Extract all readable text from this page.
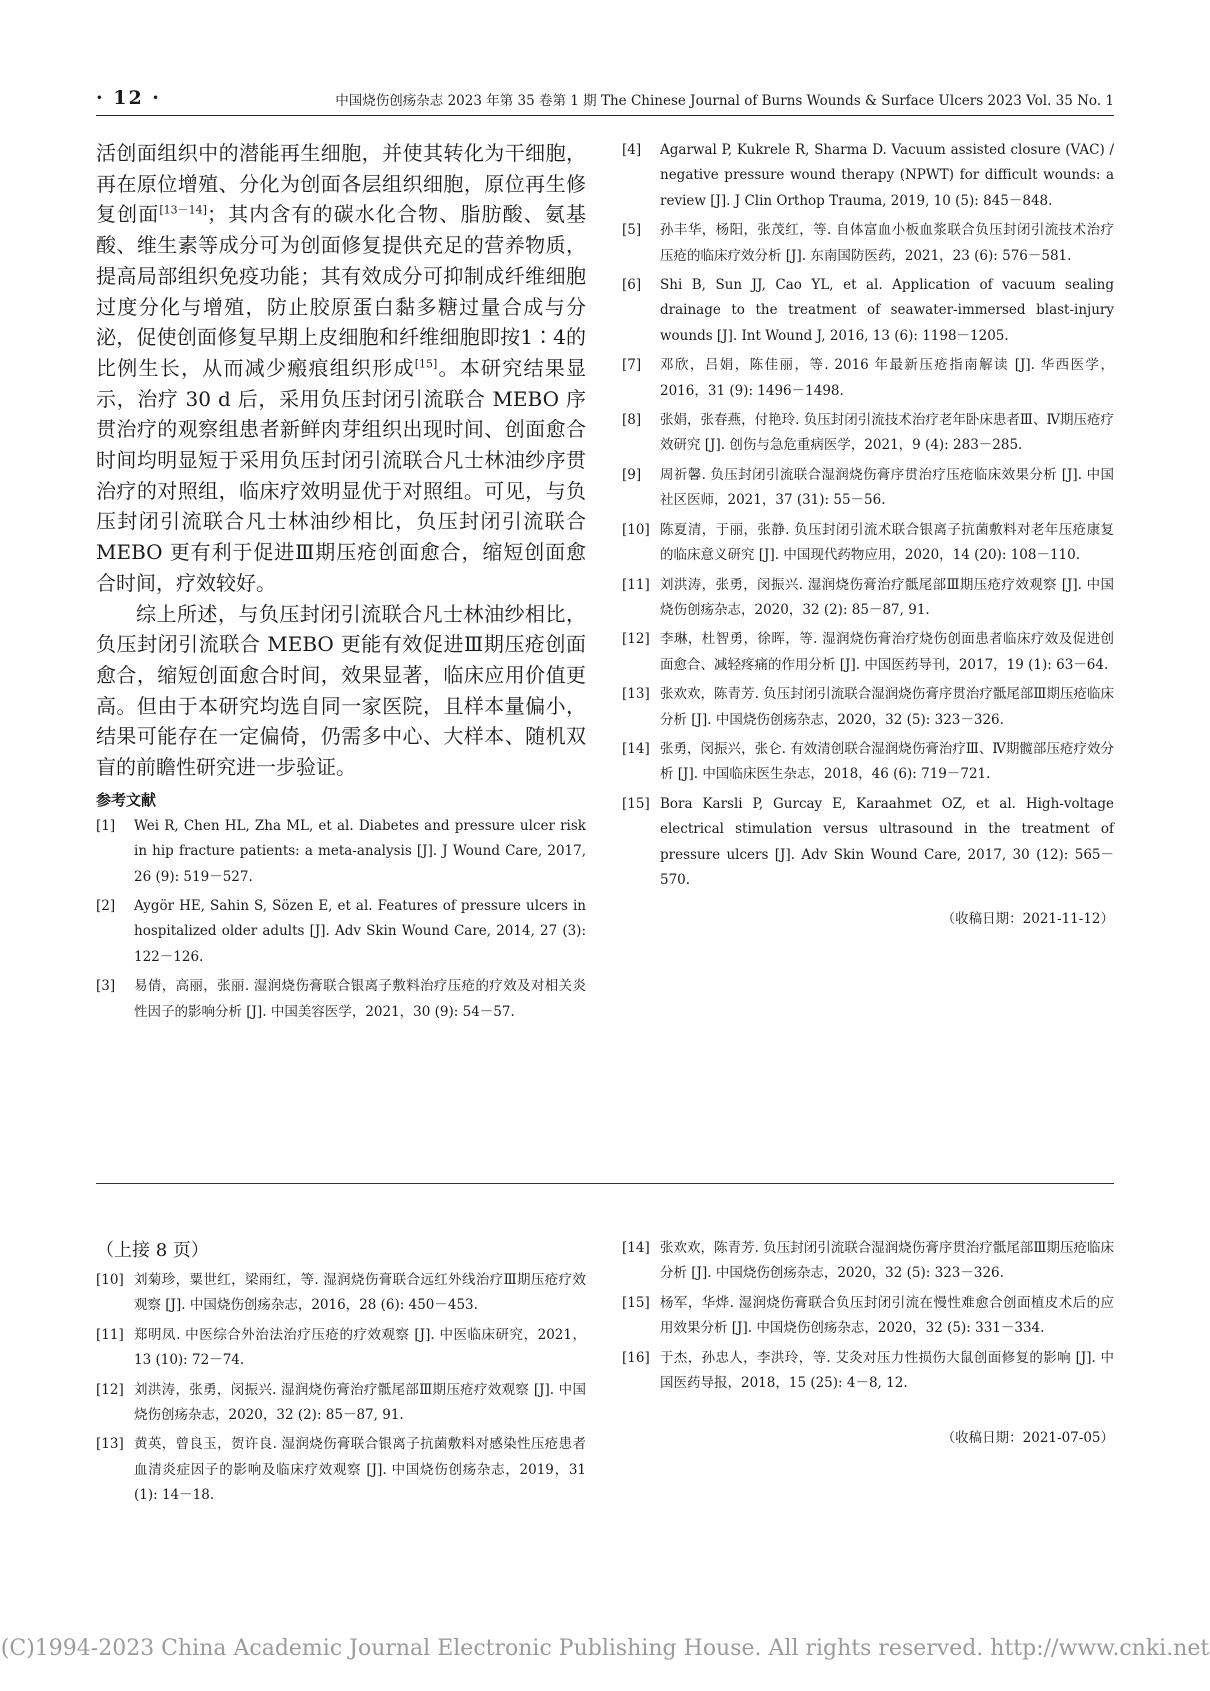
· 12 ·	中国烧伤创疡杂志 2023 年第 35 卷第 1 期 The Chinese Journal of Burns Wounds & Surface Ulcers 2023 Vol. 35 No. 1

活创面组织中的潜能再生细胞，并使其转化为干细胞，再在原位增殖、分化为创面各层组织细胞，原位再生修复创面[13－14]；其内含有的碳水化合物、脂肪酸、氨基酸、维生素等成分可为创面修复提供充足的营养物质，提高局部组织免疫功能；其有效成分可抑制成纤维细胞过度分化与增殖，防止胶原蛋白黏多糖过量合成与分泌，促使创面修复早期上皮细胞和纤维细胞即按1∶4的比例生长，从而减少瘢痕组织形成[15]。本研究结果显示，治疗 30 d 后，采用负压封闭引流联合 MEBO 序贯治疗的观察组患者新鲜肉芽组织出现时间、创面愈合时间均明显短于采用负压封闭引流联合凡士林油纱序贯治疗的对照组，临床疗效明显优于对照组。可见，与负压封闭引流联合凡士林油纱相比，负压封闭引流联合 MEBO 更有利于促进Ⅲ期压疮创面愈合，缩短创面愈合时间，疗效较好。

综上所述，与负压封闭引流联合凡士林油纱相比，负压封闭引流联合 MEBO 更能有效促进Ⅲ期压疮创面愈合，缩短创面愈合时间，效果显著，临床应用价值更高。但由于本研究均选自同一家医院，且样本量偏小，结果可能存在一定偏倚，仍需多中心、大样本、随机双盲的前瞻性研究进一步验证。

参考文献
[1]	Wei R, Chen HL, Zha ML, et al. Diabetes and pressure ulcer risk in hip fracture patients: a meta-analysis [J]. J Wound Care, 2017, 26 (9): 519－527.
[2]	Aygör HE, Sahin S, Sözen E, et al. Features of pressure ulcers in hospitalized older adults [J]. Adv Skin Wound Care, 2014, 27 (3): 122－126.
[3]	易倩，高丽，张丽. 湿润烧伤膏联合银离子敷料治疗压疮的疗效及对相关炎性因子的影响分析 [J]. 中国美容医学，2021，30 (9): 54－57.
[4]	Agarwal P, Kukrele R, Sharma D. Vacuum assisted closure (VAC) / negative pressure wound therapy (NPWT) for difficult wounds: a review [J]. J Clin Orthop Trauma, 2019, 10 (5): 845－848.
[5]	孙丰华，杨阳，张茂红，等. 自体富血小板血浆联合负压封闭引流技术治疗压疮的临床疗效分析 [J]. 东南国防医药，2021，23 (6): 576－581.
[6]	Shi B, Sun JJ, Cao YL, et al. Application of vacuum sealing drainage to the treatment of seawater-immersed blast-injury wounds [J]. Int Wound J, 2016, 13 (6): 1198－1205.
[7]	邓欣，吕娟，陈佳丽，等. 2016 年最新压疮指南解读 [J]. 华西医学，2016，31 (9): 1496－1498.
[8]	张娟，张春燕，付艳玲. 负压封闭引流技术治疗老年卧床患者Ⅲ、Ⅳ期压疮疗效研究 [J]. 创伤与急危重病医学，2021，9 (4): 283－285.
[9]	周祈馨. 负压封闭引流联合湿润烧伤膏序贯治疗压疮临床效果分析 [J]. 中国社区医师，2021，37 (31): 55－56.
[10] 陈夏清，于丽，张静. 负压封闭引流术联合银离子抗菌敷料对老年压疮康复的临床意义研究 [J]. 中国现代药物应用，2020，14 (20): 108－110.
[11] 刘洪涛，张勇，闵振兴. 湿润烧伤膏治疗骶尾部Ⅲ期压疮疗效观察 [J]. 中国烧伤创疡杂志，2020，32 (2): 85－87, 91.
[12] 李琳，杜智勇，徐晖，等. 湿润烧伤膏治疗烧伤创面患者临床疗效及促进创面愈合、减轻疼痛的作用分析 [J]. 中国医药导刊，2017，19 (1): 63－64.
[13] 张欢欢，陈青芳. 负压封闭引流联合湿润烧伤膏序贯治疗骶尾部Ⅲ期压疮临床分析 [J]. 中国烧伤创疡杂志，2020，32 (5): 323－326.
[14] 张勇，闵振兴，张仑. 有效清创联合湿润烧伤膏治疗Ⅲ、Ⅳ期髋部压疮疗效分析 [J]. 中国临床医生杂志，2018，46 (6): 719－721.
[15] Bora Karsli P, Gurcay E, Karaahmet OZ, et al. High-voltage electrical stimulation versus ultrasound in the treatment of pressure ulcers [J]. Adv Skin Wound Care, 2017, 30 (12): 565－570.
（收稿日期：2021-11-12）
（上接 8 页）
[10] 刘菊珍，粟世红，梁雨红，等. 湿润烧伤膏联合远红外线治疗Ⅲ期压疮疗效观察 [J]. 中国烧伤创疡杂志，2016，28 (6): 450－453.
[11] 郑明凤. 中医综合外治法治疗压疮的疗效观察 [J]. 中医临床研究，2021，13 (10): 72－74.
[12] 刘洪涛，张勇，闵振兴. 湿润烧伤膏治疗骶尾部Ⅲ期压疮疗效观察 [J]. 中国烧伤创疡杂志，2020，32 (2): 85－87, 91.
[13] 黄英，曾良玉，贺许良. 湿润烧伤膏联合银离子抗菌敷料对感染性压疮患者血清炎症因子的影响及临床疗效观察 [J]. 中国烧伤创疡杂志，2019，31 (1): 14－18.
[14] 张欢欢，陈青芳. 负压封闭引流联合湿润烧伤膏序贯治疗骶尾部Ⅲ期压疮临床分析 [J]. 中国烧伤创疡杂志，2020，32 (5): 323－326.
[15] 杨军，华烨. 湿润烧伤膏联合负压封闭引流在慢性难愈合创面植皮术后的应用效果分析 [J]. 中国烧伤创疡杂志，2020，32 (5): 331－334.
[16] 于杰，孙忠人，李洪玲，等. 艾灸对压力性损伤大鼠创面修复的影响 [J]. 中国医药导报，2018，15 (25): 4－8, 12.
（收稿日期：2021-07-05）
(C)1994-2023 China Academic Journal Electronic Publishing House. All rights reserved. http://www.cnki.net
